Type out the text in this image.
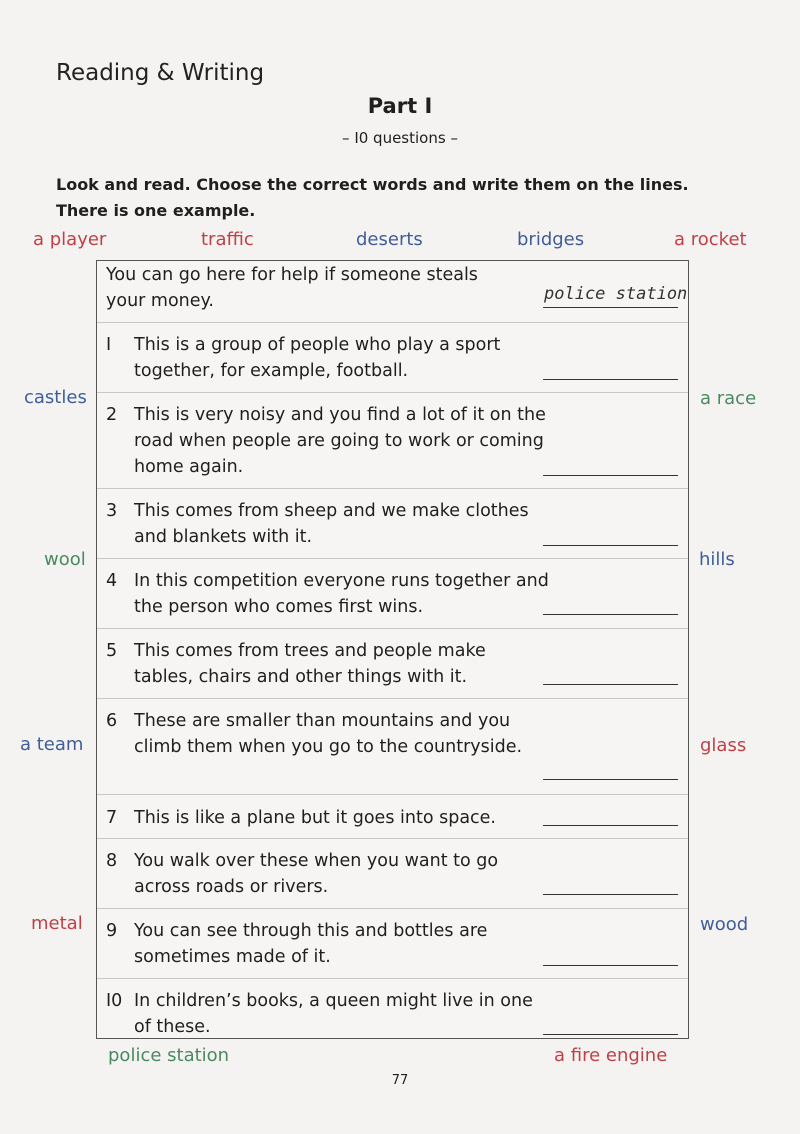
Reading & Writing
Part I
– I0 questions –
Look and read. Choose the correct words and write them on the lines.
There is one example.
a player	traffic	deserts	bridges	a rocket
castles	a race
wool	hills
a team	glass
metal	wood
police station	a fire engine
You can go here for help if someone steals
your money.	police station
I This is a group of people who play a sport together, for example, football.
2 This is very noisy and you find a lot of it on the road when people are going to work or coming home again.
3 This comes from sheep and we make clothes and blankets with it.
4 In this competition everyone runs together and the person who comes first wins.
5 This comes from trees and people make tables, chairs and other things with it.
6 These are smaller than mountains and you climb them when you go to the countryside.
7 This is like a plane but it goes into space.
8 You walk over these when you want to go across roads or rivers.
9 You can see through this and bottles are sometimes made of it.
I0 In children’s books, a queen might live in one of these.
77
